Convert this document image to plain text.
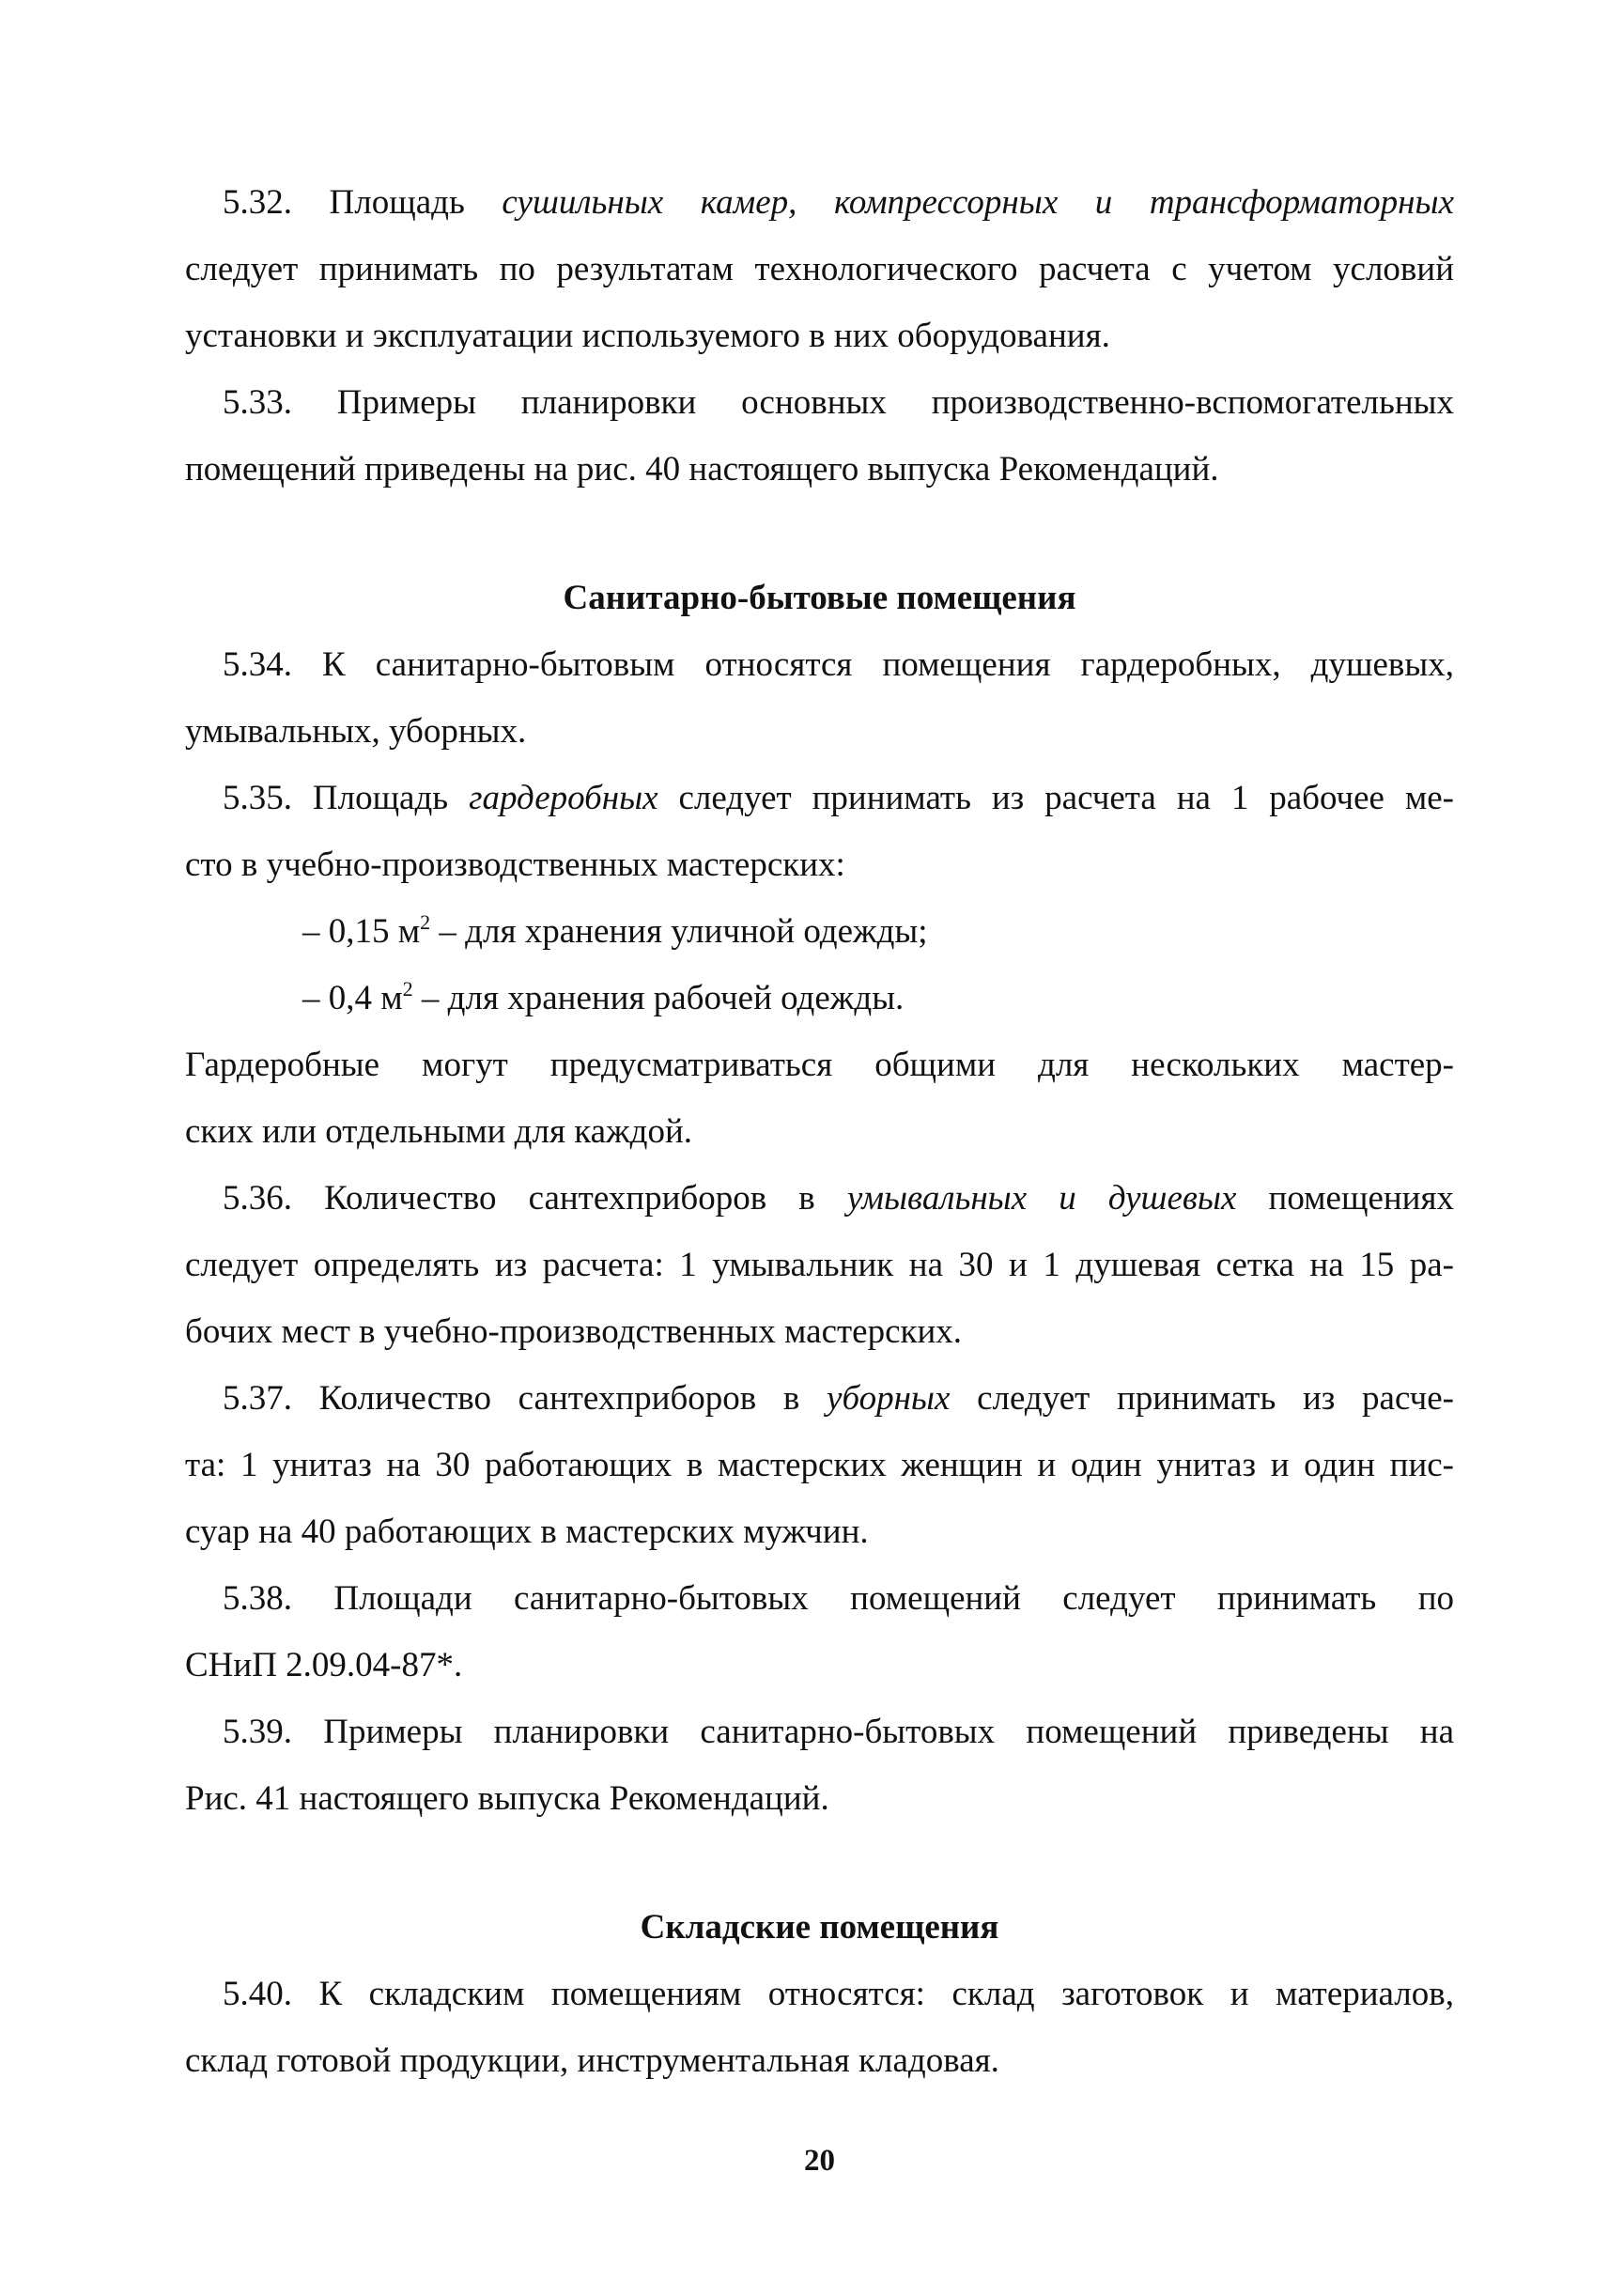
5.32. Площадь сушильных камер, компрессорных и трансформаторных
следует принимать по результатам технологического расчета с учетом условий
установки и эксплуатации используемого в них оборудования.
5.33. Примеры планировки основных производственно-вспомогательных
помещений приведены на рис. 40 настоящего выпуска Рекомендаций.
Санитарно-бытовые помещения
5.34. К санитарно-бытовым относятся помещения гардеробных, душевых,
умывальных, уборных.
5.35. Площадь гардеробных следует принимать из расчета на 1 рабочее ме-
сто в учебно-производственных мастерских:
– 0,15 $м^2$ – для хранения уличной одежды;
– 0,4 $м^2$ – для хранения рабочей одежды.
Гардеробные могут предусматриваться общими для нескольких мастер-
ских или отдельными для каждой.
5.36. Количество сантехприборов в умывальных и душевых помещениях
следует определять из расчета: 1 умывальник на 30 и 1 душевая сетка на 15 ра-
бочих мест в учебно-производственных мастерских.
5.37. Количество сантехприборов в уборных следует принимать из расче-
та: 1 унитаз на 30 работающих в мастерских женщин и один унитаз и один пис-
суар на 40 работающих в мастерских мужчин.
5.38. Площади санитарно-бытовых помещений следует принимать по
СНиП 2.09.04-87*.
5.39. Примеры планировки санитарно-бытовых помещений приведены на
Рис. 41 настоящего выпуска Рекомендаций.
Складские помещения
5.40. К складским помещениям относятся: склад заготовок и материалов,
склад готовой продукции, инструментальная кладовая.
20
